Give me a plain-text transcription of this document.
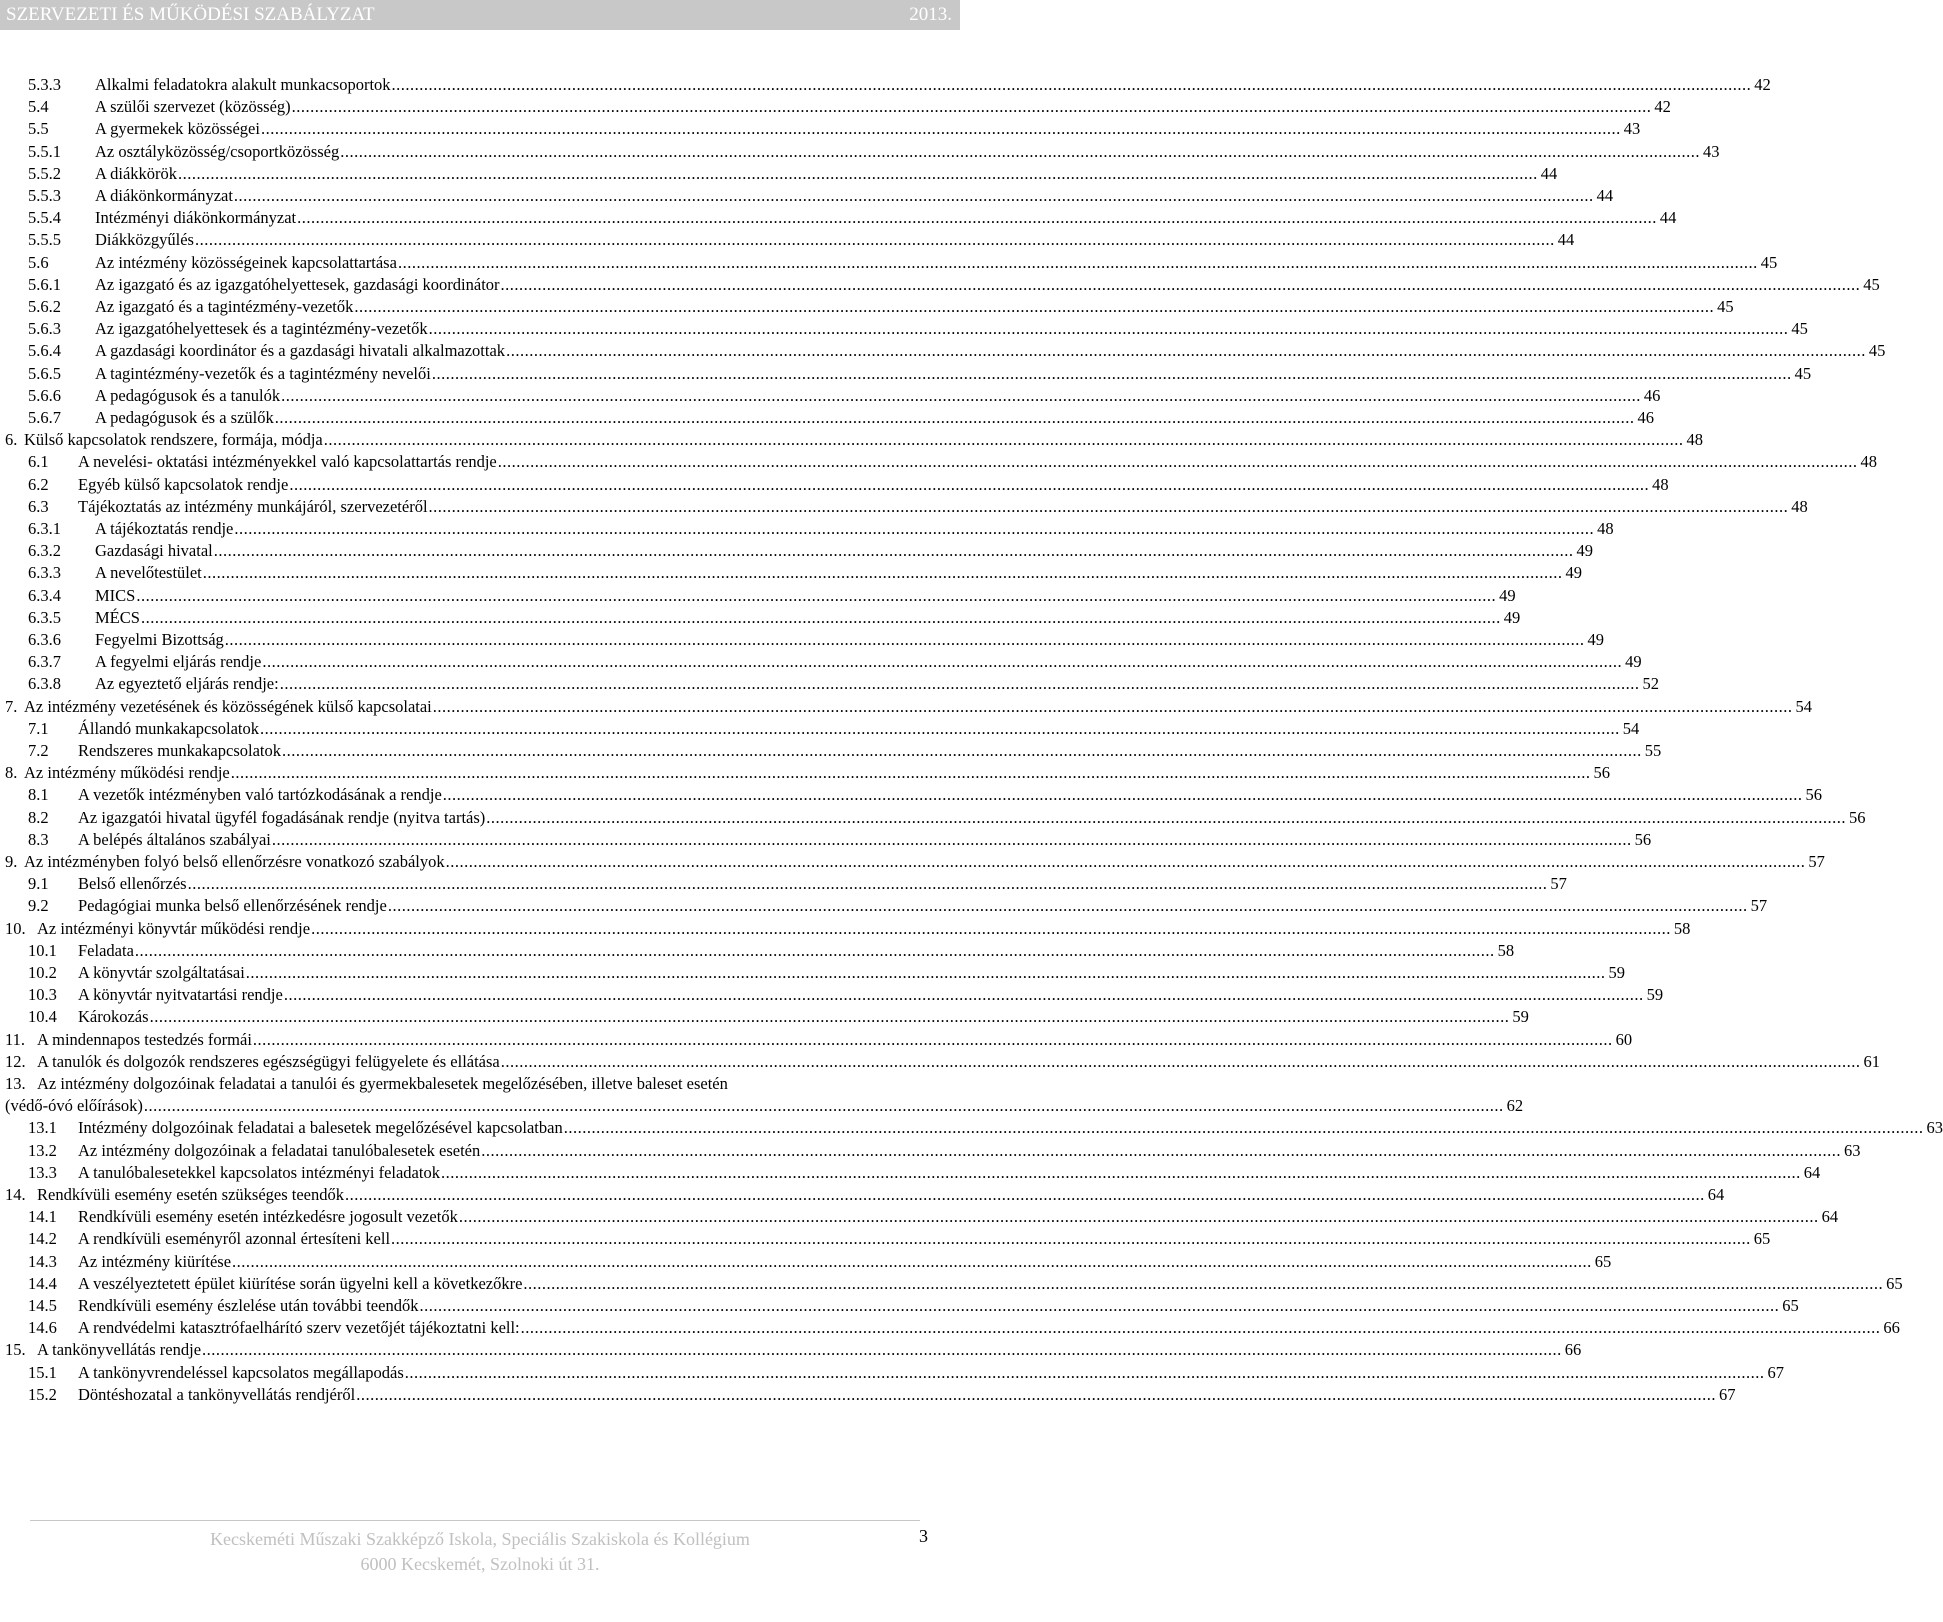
SZERVEZETI ÉS MŰKÖDÉSI SZABÁLYZAT	2013.
5.3.3 Alkalmi feladatokra alakult munkacsoportok .....	42
5.4	A szülői szervezet (közösség) .....	42
5.5	A gyermekek közösségei .....	43
5.5.1 Az osztályközösség/csoportközösség .....	43
5.5.2 A diákkörök .....	44
5.5.3 A diákönkormányzat .....	44
5.5.4 Intézményi diákönkormányzat .....	44
5.5.5 Diákközgyűlés .....	44
5.6	Az intézmény közösségeinek kapcsolattartása .....	45
5.6.1 Az igazgató és az igazgatóhelyettesek, gazdasági koordinátor .....	45
5.6.2 Az igazgató és a tagintézmény-vezetők .....	45
5.6.3 Az igazgatóhelyettesek és a tagintézmény-vezetők .....	45
5.6.4 A gazdasági koordinátor és a gazdasági hivatali alkalmazottak .....	45
5.6.5 A tagintézmény-vezetők és a tagintézmény nevelői .....	45
5.6.6 A pedagógusok és a tanulók .....	46
5.6.7 A pedagógusok és a szülők .....	46
6. Külső kapcsolatok rendszere, formája, módja .....	48
6.1 A nevelési- oktatási intézményekkel való kapcsolattartás rendje .....	48
6.2 Egyéb külső kapcsolatok rendje .....	48
6.3 Tájékoztatás az intézmény munkájáról, szervezetéről .....	48
6.3.1 A tájékoztatás rendje .....	48
6.3.2 Gazdasági hivatal .....	49
6.3.3 A nevelőtestület .....	49
6.3.4 MICS .....	49
6.3.5 MÉCS .....	49
6.3.6 Fegyelmi Bizottság .....	49
6.3.7 A fegyelmi eljárás rendje .....	49
6.3.8 Az egyeztető eljárás rendje: .....	52
7. Az intézmény vezetésének és közösségének külső kapcsolatai .....	54
7.1 Állandó munkakapcsolatok .....	54
7.2 Rendszeres munkakapcsolatok .....	55
8. Az intézmény működési rendje .....	56
8.1 A vezetők intézményben való tartózkodásának a rendje .....	56
8.2 Az igazgatói hivatal ügyfél fogadásának rendje (nyitva tartás) .....	56
8.3 A belépés általános szabályai .....	56
9. Az intézményben folyó belső ellenőrzésre vonatkozó szabályok .....	57
9.1 Belső ellenőrzés .....	57
9.2 Pedagógiai munka belső ellenőrzésének rendje .....	57
10. Az intézményi könyvtár működési rendje .....	58
10.1 Feladata .....	58
10.2 A könyvtár szolgáltatásai .....	59
10.3 A könyvtár nyitvatartási rendje .....	59
10.4 Károkozás .....	59
11. A mindennapos testedzés formái .....	60
12. A tanulók és dolgozók rendszeres egészségügyi felügyelete és ellátása .....	61
13. Az intézmény dolgozóinak feladatai a tanulói és gyermekbalesetek megelőzésében, illetve baleset esetén
(védő-óvó előírások) .....	62
13.1 Intézmény dolgozóinak feladatai a balesetek megelőzésével kapcsolatban .....	63
13.2 Az intézmény dolgozóinak a feladatai tanulóbalesetek esetén .....	63
13.3 A tanulóbalesetekkel kapcsolatos intézményi feladatok .....	64
14. Rendkívüli esemény esetén szükséges teendők .....	64
14.1 Rendkívüli esemény esetén intézkedésre jogosult vezetők .....	64
14.2 A rendkívüli eseményről azonnal értesíteni kell .....	65
14.3 Az intézmény kiürítése .....	65
14.4 A veszélyeztetett épület kiürítése során ügyelni kell a következőkre .....	65
14.5 Rendkívüli esemény észlelése után további teendők .....	65
14.6 A rendvédelmi katasztrófaelhárító szerv vezetőjét tájékoztatni kell: .....	66
15. A tankönyvellátás rendje .....	66
15.1 A tankönyvrendeléssel kapcsolatos megállapodás .....	67
15.2 Döntéshozatal a tankönyvellátás rendjéről .....	67
Kecskeméti Műszaki Szakképző Iskola, Speciális Szakiskola és Kollégium
6000 Kecskemét, Szolnoki út 31.
3
